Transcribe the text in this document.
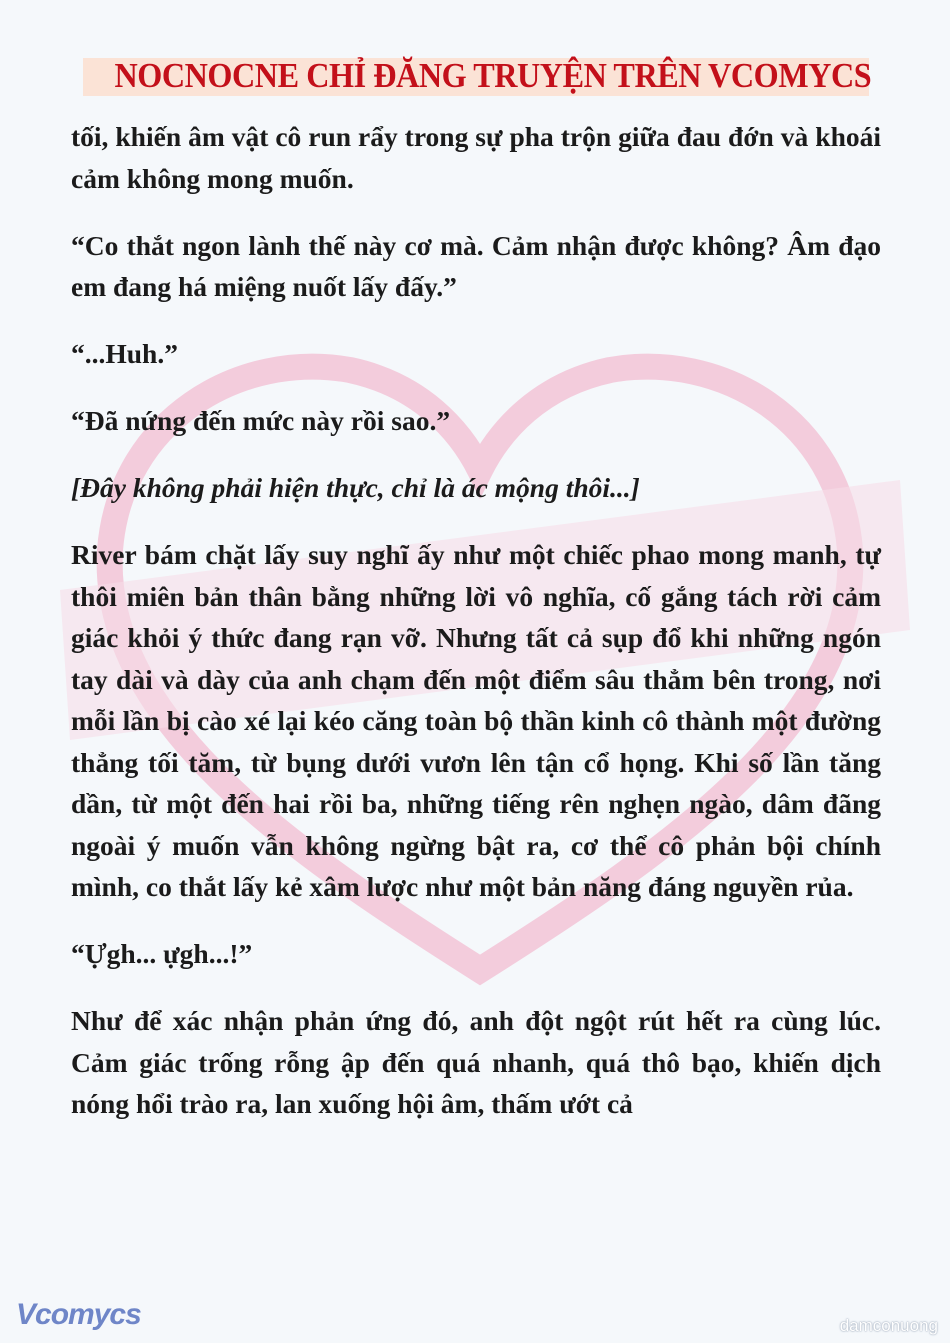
NOCNOCNE CHỈ ĐĂNG TRUYỆN TRÊN VCOMYCS

tối, khiến âm vật cô run rẩy trong sự pha trộn giữa đau đớn và khoái cảm không mong muốn.

“Co thắt ngon lành thế này cơ mà. Cảm nhận được không? Âm đạo em đang há miệng nuốt lấy đấy.”

“...Huh.”

“Đã nứng đến mức này rồi sao.”

[Đây không phải hiện thực, chỉ là ác mộng thôi...]

River bám chặt lấy suy nghĩ ấy như một chiếc phao mong manh, tự thôi miên bản thân bằng những lời vô nghĩa, cố gắng tách rời cảm giác khỏi ý thức đang rạn vỡ. Nhưng tất cả sụp đổ khi những ngón tay dài và dày của anh chạm đến một điểm sâu thẳm bên trong, nơi mỗi lần bị cào xé lại kéo căng toàn bộ thần kinh cô thành một đường thẳng tối tăm, từ bụng dưới vươn lên tận cổ họng. Khi số lần tăng dần, từ một đến hai rồi ba, những tiếng rên nghẹn ngào, dâm đãng ngoài ý muốn vẫn không ngừng bật ra, cơ thể cô phản bội chính mình, co thắt lấy kẻ xâm lược như một bản năng đáng nguyền rủa.

“Ựgh... ựgh...!”

Như để xác nhận phản ứng đó, anh đột ngột rút hết ra cùng lúc. Cảm giác trống rỗng ập đến quá nhanh, quá thô bạo, khiến dịch nóng hổi trào ra, lan xuống hội âm, thấm ướt cả

Vcomycs	damconuong
